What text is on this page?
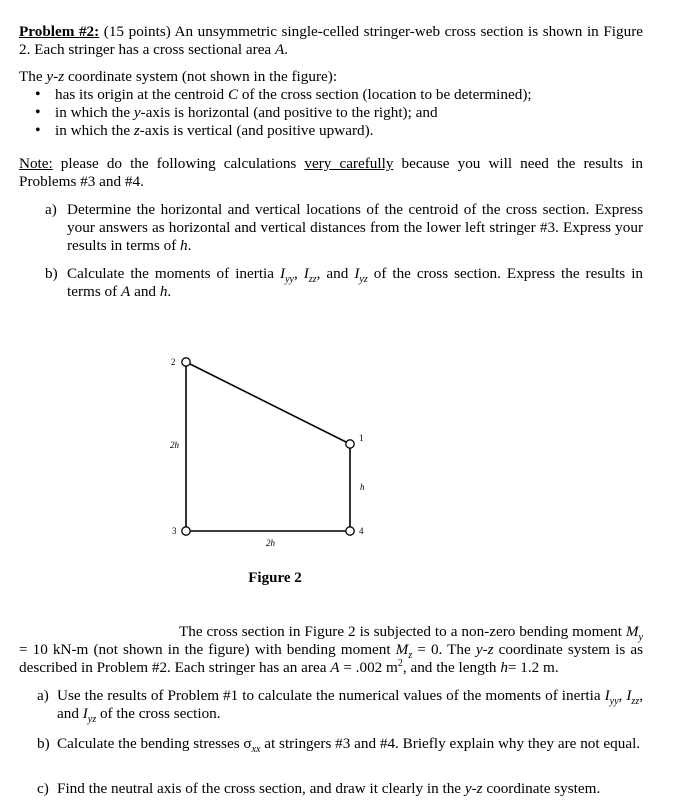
Problem #2: (15 points) An unsymmetric single-celled stringer-web cross section is shown in Figure 2. Each stringer has a cross sectional area A.
The y-z coordinate system (not shown in the figure):
• has its origin at the centroid C of the cross section (location to be determined);
• in which the y-axis is horizontal (and positive to the right); and
• in which the z-axis is vertical (and positive upward).
Note: please do the following calculations very carefully because you will need the results in Problems #3 and #4.
a) Determine the horizontal and vertical locations of the centroid of the cross section. Express your answers as horizontal and vertical distances from the lower left stringer #3. Express your results in terms of h.
b) Calculate the moments of inertia $I_{yy}$, $I_{zz}$, and $I_{yz}$ of the cross section. Express the results in terms of A and h.
2
1
3	4
2h
h
2h
Figure 2
The cross section in Figure 2 is subjected to a non-zero bending moment $M_y = 10$ kN-m (not shown in the figure) with bending moment $M_z = 0$. The y-z coordinate system is as described in Problem #2. Each stringer has an area A = .002 $m^2$, and the length h= 1.2 m.
a) Use the results of Problem #1 to calculate the numerical values of the moments of inertia $I_{yy}$, $I_{zz}$, and $I_{yz}$ of the cross section.
b) Calculate the bending stresses $\sigma_{xx}$ at stringers #3 and #4. Briefly explain why they are not equal.
c) Find the neutral axis of the cross section, and draw it clearly in the y-z coordinate system.
